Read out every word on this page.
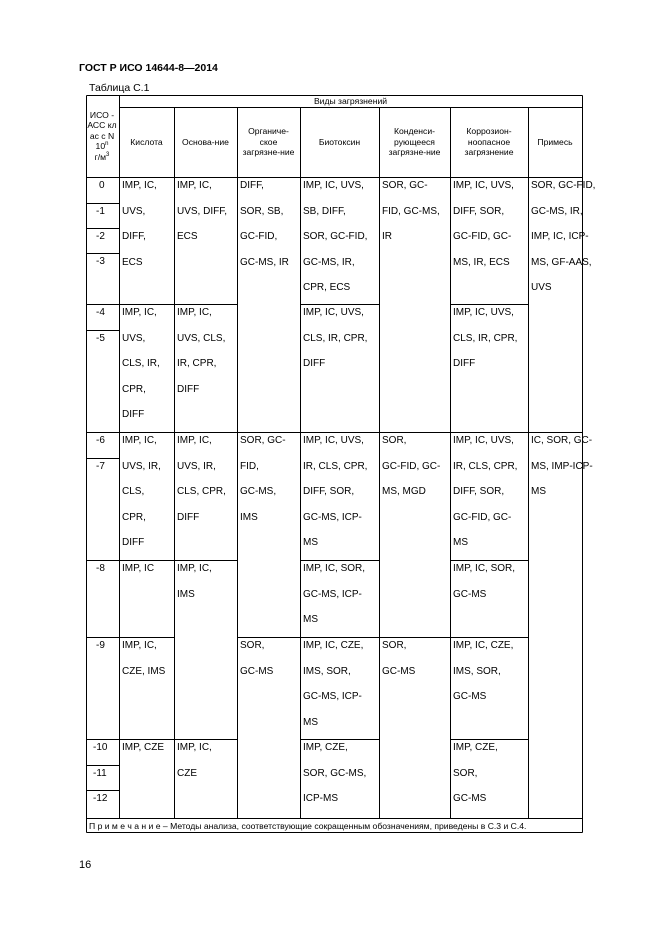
ГОСТ Р ИСО 14644-8—2014
Таблица С.1
ИСО - АСС клас с N
10$^n$
$г/м^3$
Виды загрязнений
Кислота	Основа-ние
Органиче-ское загрязне-ние
Биотоксин
Конденси-рующееся загрязне-ние
Коррозион-ноопасное загрязнение
Примесь
0
-1
-2
-3
-4
-5
-6
-7
-8
-9
-10
-11
-12
IMP, IC,
UVS,
DIFF,
ECS
IMP, IC,
UVS, DIFF,
ECS
DIFF,
SOR, SB,
GC-FID,
GC-MS, IR
IMP, IC, UVS,
SB, DIFF,
SOR, GC-FID,
GC-MS, IR,
CPR, ECS
SOR, GC-
FID, GC-MS,
IR
IMP, IC, UVS,
DIFF, SOR,
GC-FID, GC-
MS, IR, ECS
SOR, GC-FID,
GC-MS, IR,
IMP, IC, ICP-
MS, GF-AAS,
UVS
IMP, IC,
UVS,
CLS, IR,
CPR,
DIFF
IMP, IC,
UVS, CLS,
IR, CPR,
DIFF
IMP, IC, UVS,
CLS, IR, CPR,
DIFF
IMP, IC, UVS,
CLS, IR, CPR,
DIFF
IMP, IC,
UVS, IR,
CLS,
CPR,
DIFF
IMP, IC,
UVS, IR,
CLS, CPR,
DIFF
SOR, GC-
FID,
GC-MS,
IMS
IMP, IC, UVS,
IR, CLS, CPR,
DIFF, SOR,
GC-MS, ICP-
MS
SOR,
GC-FID, GC-
MS, MGD
IMP, IC, UVS,
IR, CLS, CPR,
DIFF, SOR,
GC-FID, GC-
MS
IC, SOR, GC-
MS, IMP-ICP-
MS
IMP, IC IMP, IC,
IMS
IMP, IC, SOR,
GC-MS, ICP-
MS
IMP, IC, SOR,
GC-MS
IMP, IC,
CZE, IMS
SOR,
GC-MS
IMP, IC, CZE,
IMS, SOR,
GC-MS, ICP-
MS
SOR,
GC-MS
IMP, IC, CZE,
IMS, SOR,
GC-MS
IMP, CZE IMP, IC,
CZE
IMP, CZE,
SOR, GC-MS,
ICP-MS
IMP, CZE,
SOR,
GC-MS
П р и м е ч а н и е – Методы анализа, соответствующие сокращенным обозначениям, приведены в С.3 и С.4.
16
